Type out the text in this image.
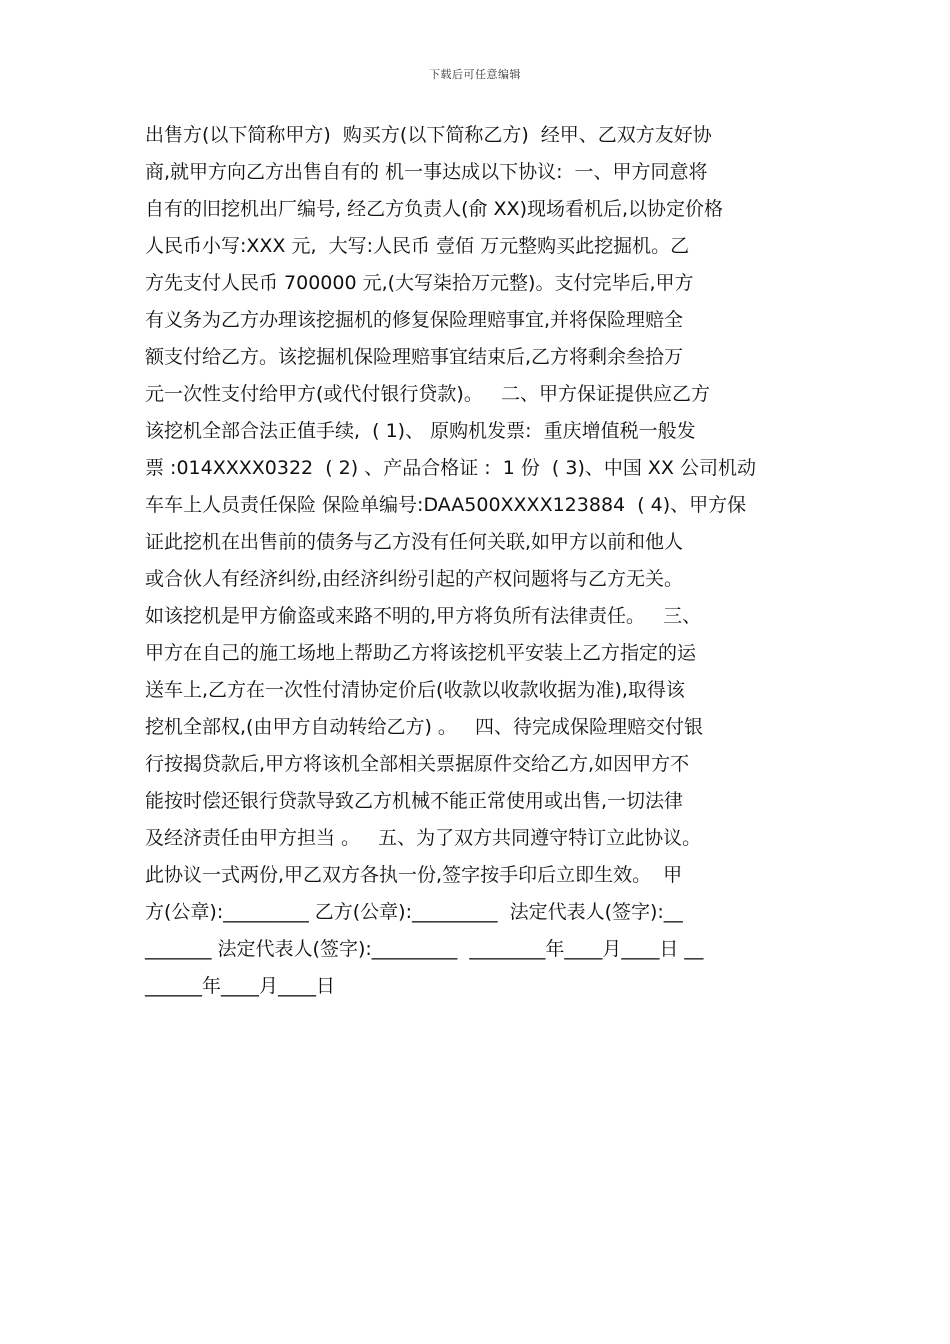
下载后可任意编辑
出售方(以下简称甲方)  购买方(以下简称乙方)  经甲、乙双方友好协
商,就甲方向乙方出售自有的 机一事达成以下协议:  一、甲方同意将
自有的旧挖机出厂编号, 经乙方负责人(俞 XX)现场看机后,以协定价格
人民币小写:XXX 元,  大写:人民币 壹佰 万元整购买此挖掘机。乙
方先支付人民币 700000 元,(大写柒拾万元整)。支付完毕后,甲方
有义务为乙方办理该挖掘机的修复保险理赔事宜,并将保险理赔全
额支付给乙方。该挖掘机保险理赔事宜结束后,乙方将剩余叁拾万
元一次性支付给甲方(或代付银行贷款)。   二、甲方保证提供应乙方
该挖机全部合法正值手续,  ( 1)、 原购机发票:  重庆增值税一般发
票 :014XXXX0322  ( 2) 、产品合格证 :  1 份  ( 3)、中国 XX 公司机动
车车上人员责任保险 保险单编号:DAA500XXXX123884  ( 4)、甲方保
证此挖机在出售前的债务与乙方没有任何关联,如甲方以前和他人
或合伙人有经济纠纷,由经济纠纷引起的产权问题将与乙方无关。
如该挖机是甲方偷盗或来路不明的,甲方将负所有法律责任。   三、
甲方在自己的施工场地上帮助乙方将该挖机平安装上乙方指定的运
送车上,乙方在一次性付清协定价后(收款以收款收据为准),取得该
挖机全部权,(由甲方自动转给乙方) 。   四、待完成保险理赔交付银
行按揭贷款后,甲方将该机全部相关票据原件交给乙方,如因甲方不
能按时偿还银行贷款导致乙方机械不能正常使用或出售,一切法律
及经济责任由甲方担当 。   五、为了双方共同遵守特订立此协议。
此协议一式两份,甲乙双方各执一份,签字按手印后立即生效。  甲
方(公章):_________ 乙方(公章):_________  法定代表人(签字):__
_______ 法定代表人(签字):_________  ________年____月____日 __
______年____月____日
